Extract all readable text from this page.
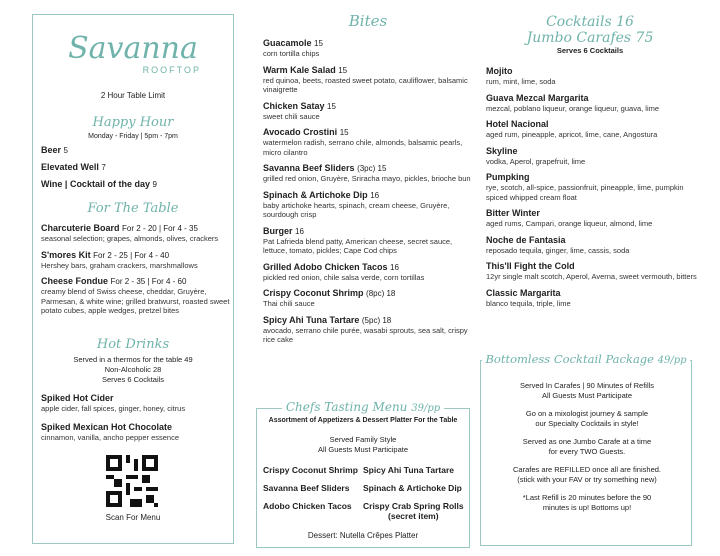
Savanna
ROOFTOP
2 Hour Table Limit
Happy Hour
Monday - Friday | 5pm - 7pm
Beer 5
Elevated Well 7
Wine | Cocktail of the day 9
For The Table
Charcuterie Board For 2 - 20 | For 4 - 35
seasonal selection; grapes, almonds, olives, crackers
S'mores Kit For 2 - 25 | For 4 - 40
Hershey bars, graham crackers, marshmallows
Cheese Fondue For 2 - 35 | For 4 - 60
creamy blend of Swiss cheese, cheddar, Gruyère, Parmesan, & white wine; grilled bratwurst, roasted sweet potato cubes, apple wedges, pretzel bites
Hot Drinks
Served in a thermos for the table 49
Non-Alcoholic 28
Serves 6 Cocktails
Spiked Hot Cider
apple cider, fall spices, ginger, honey, citrus
Spiked Mexican Hot Chocolate
cinnamon, vanilla, ancho pepper essence
Scan For Menu
Bites
Guacamole 15
corn tortilla chips
Warm Kale Salad 15
red quinoa, beets, roasted sweet potato, cauliflower, balsamic vinaigrette
Chicken Satay 15
sweet chili sauce
Avocado Crostini 15
watermelon radish, serrano chile, almonds, balsamic pearls, micro cilantro
Savanna Beef Sliders (3pc) 15
grilled red onion, Gruyère, Sriracha mayo, pickles, brioche bun
Spinach & Artichoke Dip 16
baby artichoke hearts, spinach, cream cheese, Gruyère, sourdough crisp
Burger 16
Pat Lafrieda blend patty, American cheese, secret sauce, lettuce, tomato, pickles; Cape Cod chips
Grilled Adobo Chicken Tacos 16
pickled red onion, chile salsa verde, corn tortillas
Crispy Coconut Shrimp (8pc) 18
Thai chili sauce
Spicy Ahi Tuna Tartare (5pc) 18
avocado, serrano chile purée, wasabi sprouts, sea salt, crispy rice cake
Chefs Tasting Menu 39/pp
Assortment of Appetizers & Dessert Platter For the Table
Served Family Style
All Guests Must Participate
Crispy Coconut Shrimp Spicy Ahi Tuna Tartare
Savanna Beef Sliders	Spinach & Artichoke Dip
Adobo Chicken Tacos	Crispy Crab Spring Rolls
(secret item)
Dessert: Nutella Crêpes Platter
Cocktails 16
Jumbo Carafes 75
Serves 6 Cocktails
Mojito
rum, mint, lime, soda
Guava Mezcal Margarita
mezcal, poblano liqueur, orange liqueur, guava, lime
Hotel Nacional
aged rum, pineapple, apricot, lime, cane, Angostura
Skyline
vodka, Aperol, grapefruit, lime
Pumpking
rye, scotch, all-spice, passionfruit, pineapple, lime, pumpkin spiced whipped cream float
Bitter Winter
aged rums, Campari, orange liqueur, almond, lime
Noche de Fantasia
reposado tequila, ginger, lime, cassis, soda
This'll Fight the Cold
12yr single malt scotch, Aperol, Averna, sweet vermouth, bitters
Classic Margarita
blanco tequila, triple, lime
Bottomless Cocktail Package 49/pp
Served In Carafes | 90 Minutes of Refills
All Guests Must Participate
Go on a mixologist journey & sample
our Specialty Cocktails in style!
Served as one Jumbo Carafe at a time
for every TWO Guests.
Carafes are REFILLED once all are finished.
(stick with your FAV or try something new)
*Last Refill is 20 minutes before the 90
minutes is up! Bottoms up!
